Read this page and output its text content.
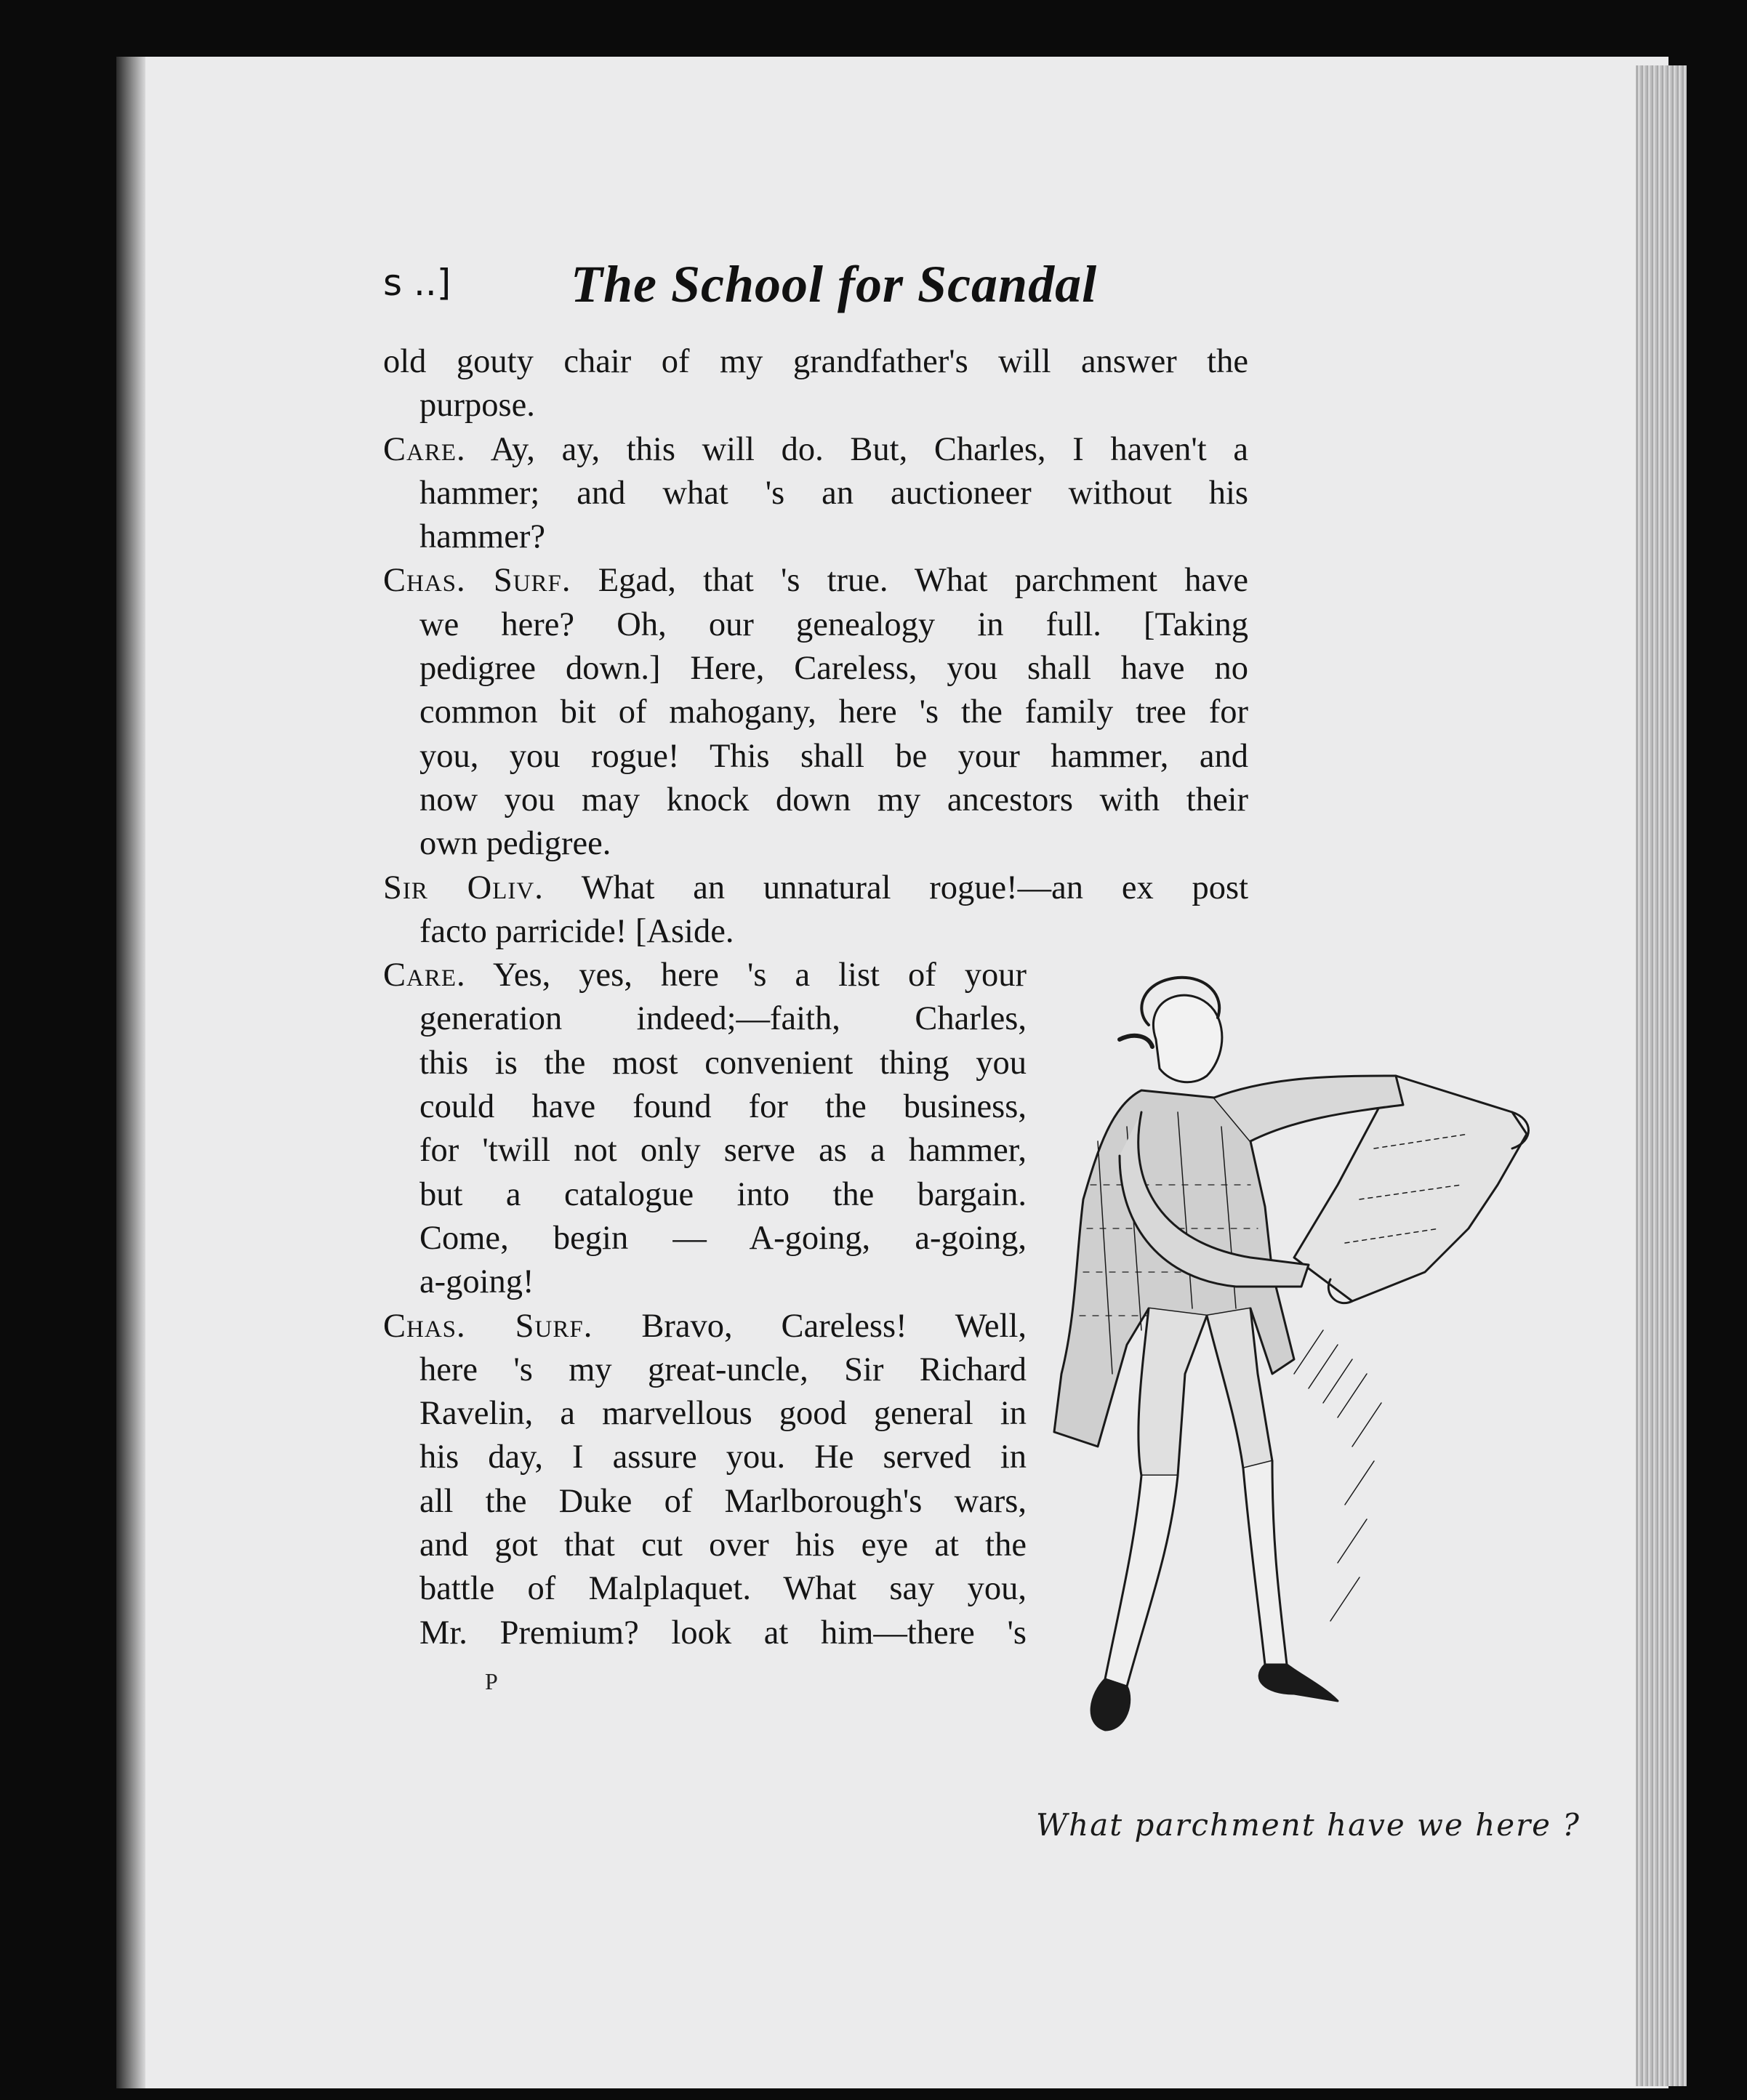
s ..] The School for Scandal

old gouty chair of my grandfather's will answer the
purpose.

Care. Ay, ay, this will do. But, Charles, I haven't a
hammer; and what 's an auctioneer without his
hammer?

Chas. Surf. Egad, that 's true. What parchment have
we here? Oh, our genealogy in full. [Taking
pedigree down.] Here, Careless, you shall have no
common bit of mahogany, here 's the family tree for
you, you rogue! This shall be your hammer, and
now you may knock down my ancestors with their
own pedigree.

Sir Oliv. What an unnatural rogue!—an ex post
facto parricide! [Aside.

Care. Yes, yes, here 's a list of your
generation indeed;—faith, Charles,
this is the most convenient thing you
could have found for the business,
for 'twill not only serve as a hammer,
but a catalogue into the bargain.
Come, begin — A-going, a-going,
a-going!

Chas. Surf. Bravo, Careless! Well,
here 's my great-uncle, Sir Richard
Ravelin, a marvellous good general in
his day, I assure you. He served in
all the Duke of Marlborough's wars,
and got that cut over his eye at the
battle of Malplaquet. What say you,
Mr. Premium? look at him—there 's

P
What parchment have we here ?
